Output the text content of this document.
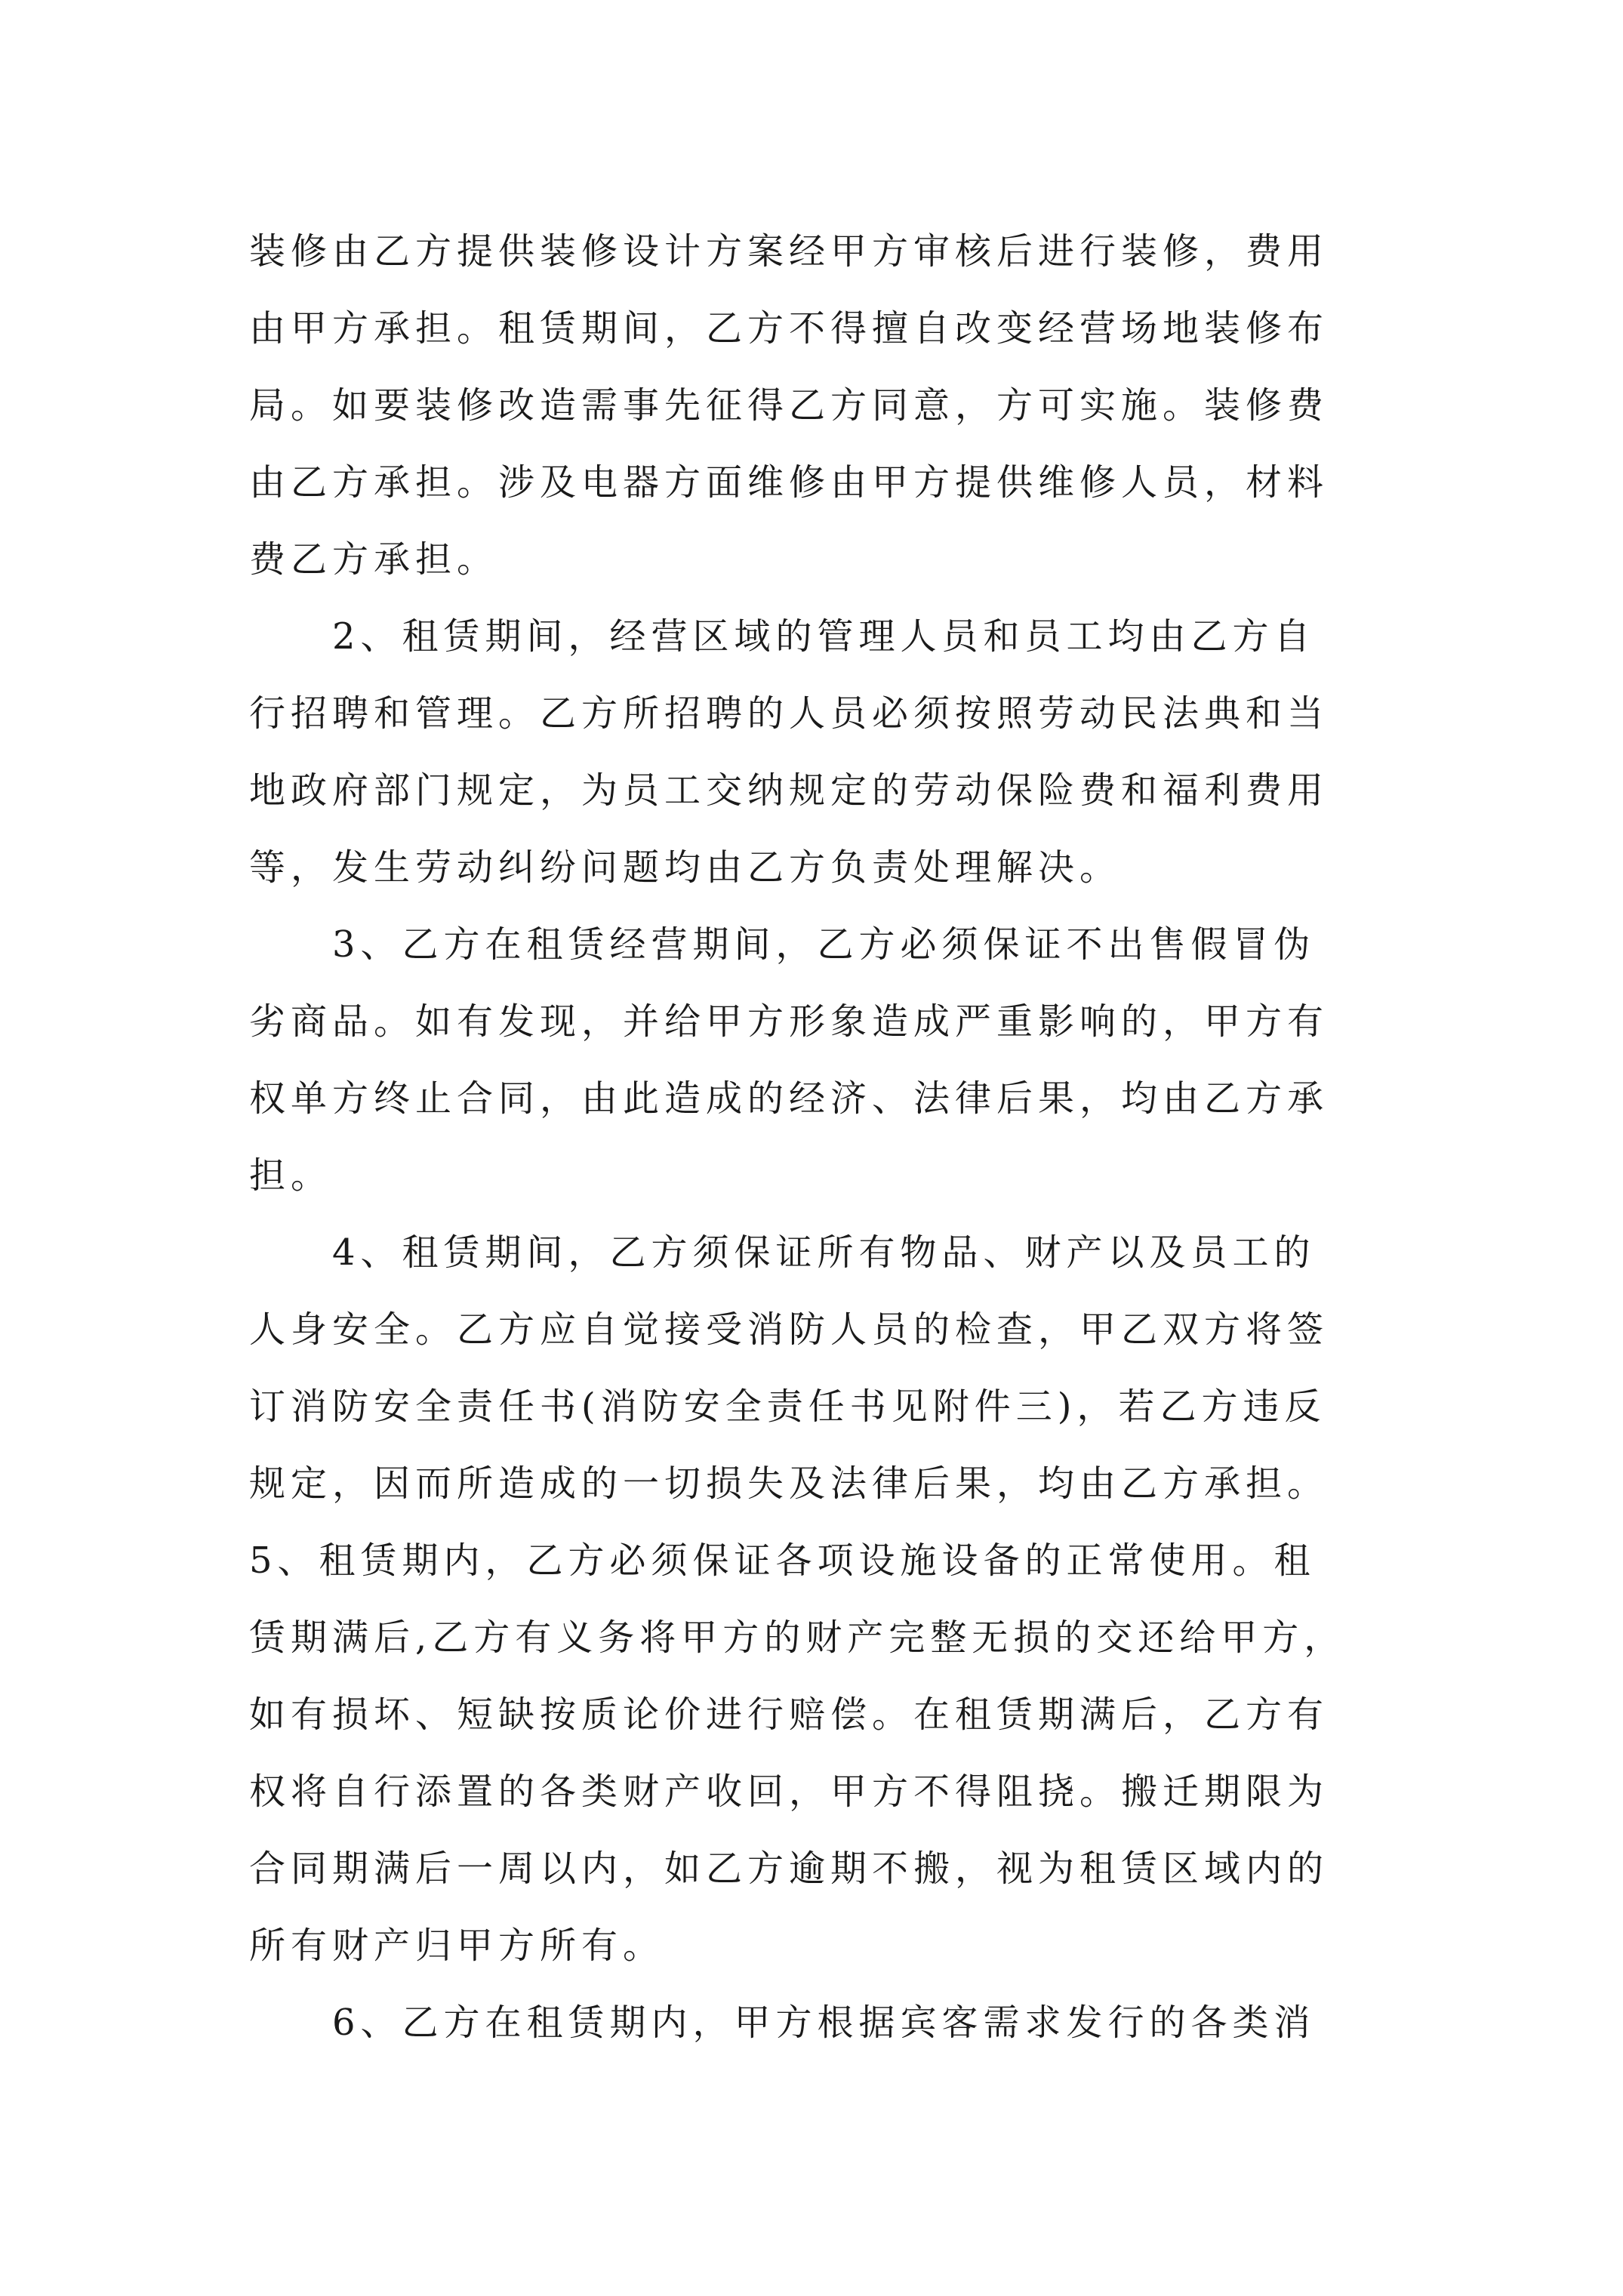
装修由乙方提供装修设计方案经甲方审核后进行装修，费用

由甲方承担。租赁期间，乙方不得擅自改变经营场地装修布

局。如要装修改造需事先征得乙方同意，方可实施。装修费

由乙方承担。涉及电器方面维修由甲方提供维修人员，材料

费乙方承担。

2、租赁期间，经营区域的管理人员和员工均由乙方自

行招聘和管理。乙方所招聘的人员必须按照劳动民法典和当

地政府部门规定，为员工交纳规定的劳动保险费和福利费用

等，发生劳动纠纷问题均由乙方负责处理解决。

3、乙方在租赁经营期间，乙方必须保证不出售假冒伪

劣商品。如有发现，并给甲方形象造成严重影响的，甲方有

权单方终止合同，由此造成的经济、法律后果，均由乙方承

担。

4、租赁期间，乙方须保证所有物品、财产以及员工的

人身安全。乙方应自觉接受消防人员的检查，甲乙双方将签

订消防安全责任书(消防安全责任书见附件三)，若乙方违反

规定，因而所造成的一切损失及法律后果，均由乙方承担。

5、租赁期内，乙方必须保证各项设施设备的正常使用。租

赁期满后,乙方有义务将甲方的财产完整无损的交还给甲方，

如有损坏、短缺按质论价进行赔偿。在租赁期满后，乙方有

权将自行添置的各类财产收回，甲方不得阻挠。搬迁期限为

合同期满后一周以内，如乙方逾期不搬，视为租赁区域内的

所有财产归甲方所有。

6、乙方在租赁期内，甲方根据宾客需求发行的各类消
